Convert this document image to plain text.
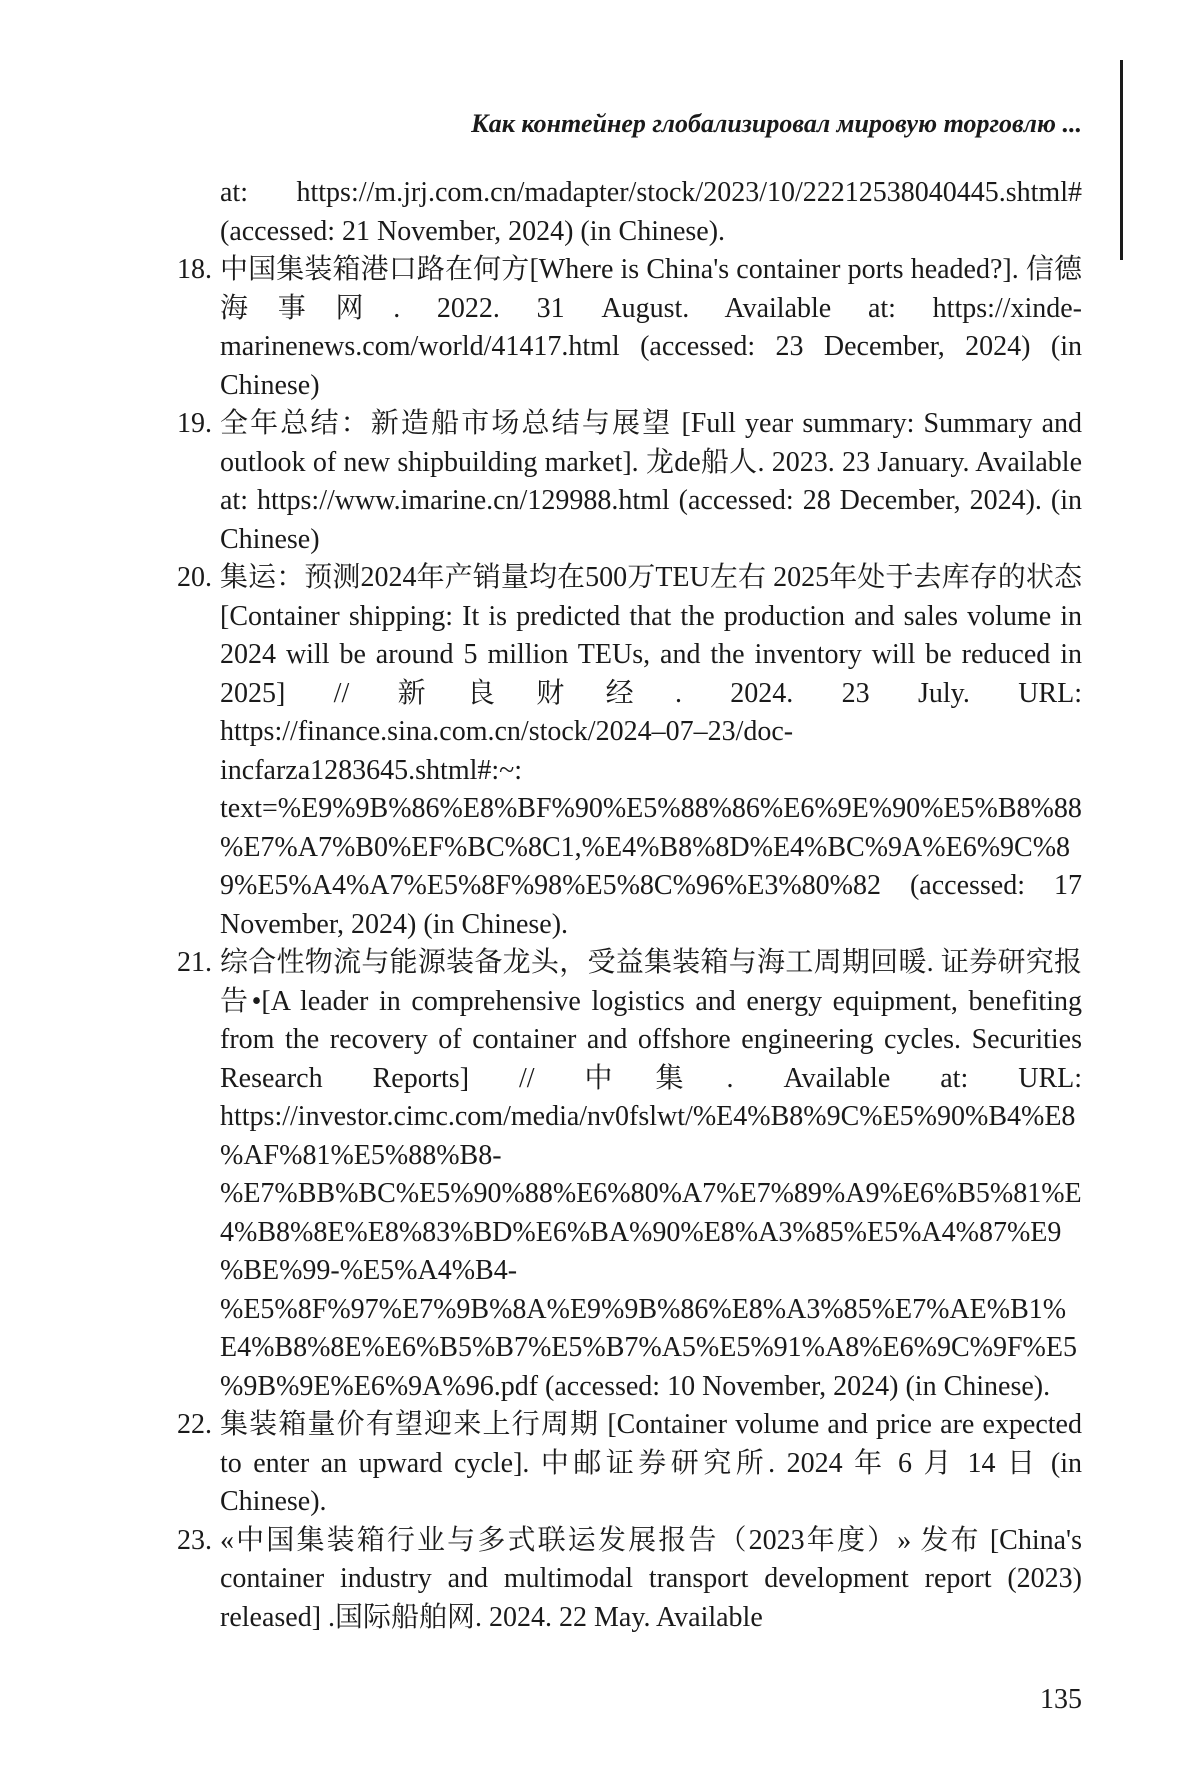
Как контейнер глобализировал мировую торговлю ...
at: https://m.jrj.com.cn/madapter/stock/2023/10/22212538040445.shtml# (accessed: 21 November, 2024) (in Chinese).
18. 中国集装箱港口路在何方[Where is China's container ports headed?]. 信德海事网. 2022. 31 August. Available at: https://xinde-marinenews.com/world/41417.html (accessed: 23 December, 2024) (in Chinese)
19. 全年总结：新造船市场总结与展望 [Full year summary: Summary and outlook of new shipbuilding market]. 龙de船人. 2023. 23 January. Available at: https://www.imarine.cn/129988.html (accessed: 28 December, 2024). (in Chinese)
20. 集运：预测2024年产销量均在500万TEU左右 2025年处于去库存的状态 [Container shipping: It is predicted that the production and sales volume in 2024 will be around 5 million TEUs, and the inventory will be reduced in 2025] // 新良财经. 2024. 23 July. URL: https://finance.sina.com.cn/stock/2024–07–23/doc-incfarza1283645.shtml#:~: text=%E9%9B%86%E8%BF%90%E5%88%86%E6%9E%90%E5%B8%88%E7%A7%B0%EF%BC%8C1,%E4%B8%8D%E4%BC%9A%E6%9C%89%E5%A4%A7%E5%8F%98%E5%8C%96%E3%80%82 (accessed: 17 November, 2024) (in Chinese).
21. 综合性物流与能源装备龙头，受益集装箱与海工周期回暖. 证券研究报告•[A leader in comprehensive logistics and energy equipment, benefiting from the recovery of container and offshore engineering cycles. Securities Research Reports] // 中集. Available at: URL: https://investor.cimc.com/media/nv0fslwt/%E4%B8%9C%E5%90%B4%E8%AF%81%E5%88%B8-%E7%BB%BC%E5%90%88%E6%80%A7%E7%89%A9%E6%B5%81%E4%B8%8E%E8%83%BD%E6%BA%90%E8%A3%85%E5%A4%87%E9%BE%99-%E5%A4%B4-%E5%8F%97%E7%9B%8A%E9%9B%86%E8%A3%85%E7%AE%B1%E4%B8%8E%E6%B5%B7%E5%B7%A5%E5%91%A8%E6%9C%9F%E5%9B%9E%E6%9A%96.pdf (accessed: 10 November, 2024) (in Chinese).
22. 集装箱量价有望迎来上行周期 [Container volume and price are expected to enter an upward cycle]. 中邮证券研究所. 2024 年 6 月 14 日 (in Chinese).
23. «中国集装箱行业与多式联运发展报告（2023年度）» 发布 [China's container industry and multimodal transport development report (2023) released] .国际船舶网. 2024. 22 May. Available
135
